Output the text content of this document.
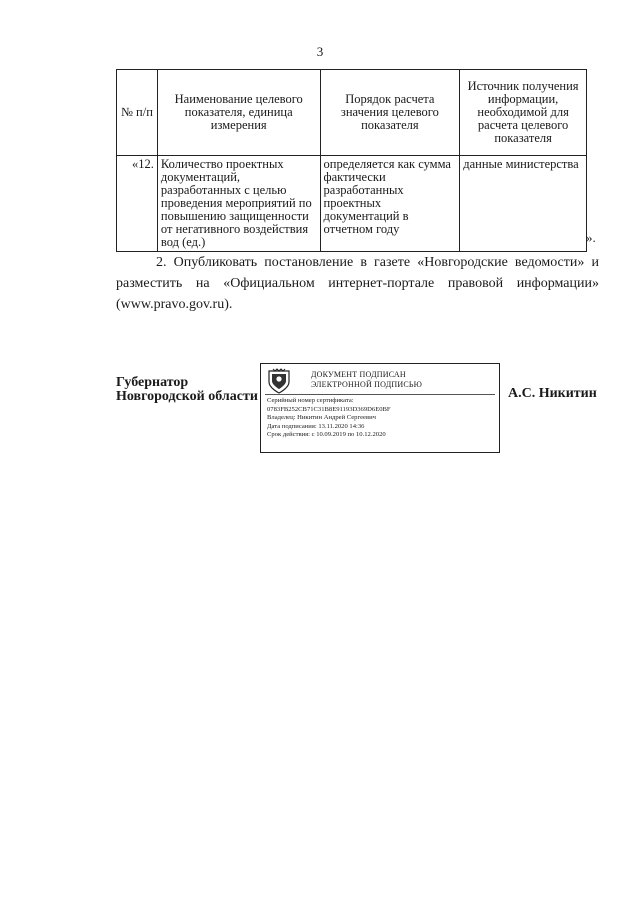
3
№ п/п	Наименование целевого показателя, единица измерения	Порядок расчета значения целевого показателя	Источник получения информации, необходимой для расчета целевого показателя
«12.	Количество проектных документаций, разработанных с целью проведения мероприятий по повышению защищенности от негативного воздействия вод (ед.)	определяется как сумма фактически разработанных проектных документаций в отчетном году	данные министерства
».
2. Опубликовать постановление в газете «Новгородские ведомости» и разместить на «Официальном интернет-портале правовой информации» (www.pravo.gov.ru).
Губернатор
Новгородской области
ДОКУМЕНТ ПОДПИСАН
ЭЛЕКТРОННОЙ ПОДПИСЬЮ
Серийный номер сертификата:
0783FB252CB71C31B8E91193D369D6E0BF
Владелец: Никитин Андрей Сергеевич
Дата подписания: 13.11.2020 14:36
Срок действия: с 10.09.2019 по 10.12.2020
А.С. Никитин
